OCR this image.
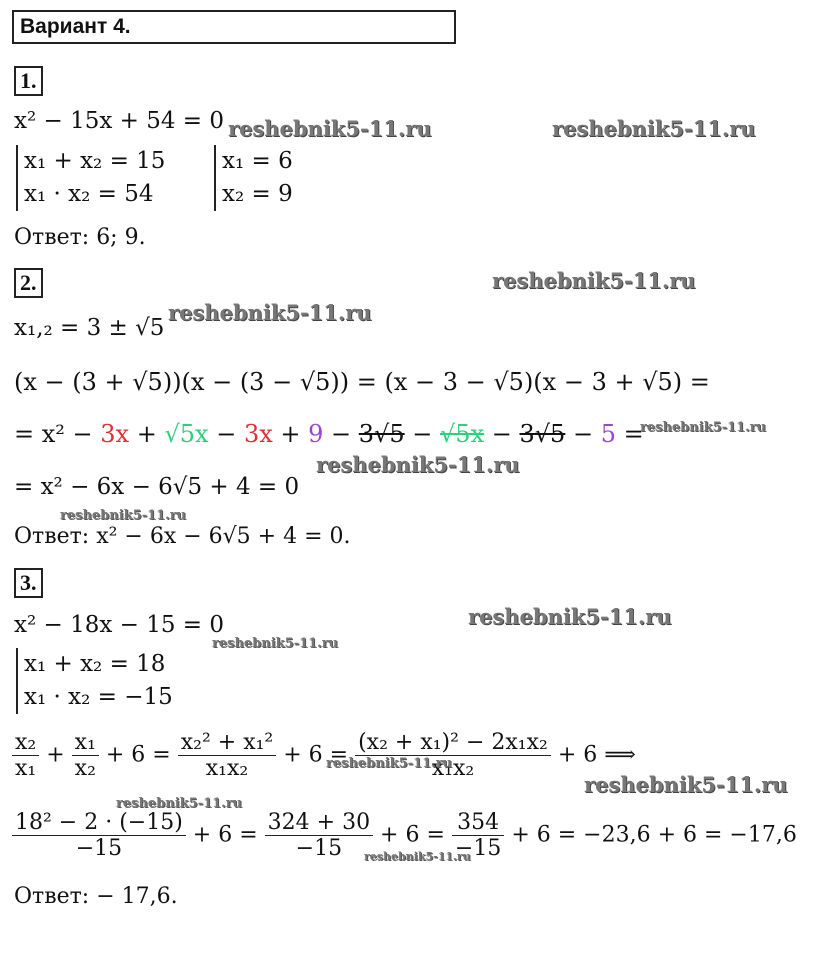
Вариант 4.
1.
x² − 15x + 54 = 0
x₁ + x₂ = 15
x₁ · x₂ = 54
x₁ = 6
x₂ = 9
Ответ: 6; 9.
2.
x₁,₂ = 3 ± √5
(x − (3 + √5))(x − (3 − √5)) = (x − 3 − √5)(x − 3 + √5) =
= x² − 3x + √5x − 3x + 9 − 3√5 − √5x − 3√5 − 5 =
= x² − 6x − 6√5 + 4 = 0
Ответ: x² − 6x − 6√5 + 4 = 0.
3.
x² − 18x − 15 = 0
x₁ + x₂ = 18
x₁ · x₂ = −15
$\frac{\text{x₂}}{\text{x₁}} + \frac{\text{x₁}}{\text{x₂}} + 6 = \frac{\text{x₂² + x₁²}}{\text{x₁x₂}} + 6 = \frac{\text{(x₂ + x₁)² − 2x₁x₂}}{\text{x₁x₂}} + 6$ ⟹
$\frac{\text{18² − 2 · (−15)}}{-15} + 6 = \frac{324 + 30}{-15} + 6 = \frac{354}{-15} + 6 = -23,6 + 6 = -17,6$
Ответ: − 17,6.
reshebnik5-11.ru	reshebnik5-11.ru
reshebnik5-11.ru
reshebnik5-11.ru
reshebnik5-11.ru
reshebnik5-11.ru
reshebnik5-11.ru
reshebnik5-11.ru
reshebnik5-11.ru
reshebnik5-11.ru
reshebnik5-11.ru
reshebnik5-11.ru
reshebnik5-11.ru
